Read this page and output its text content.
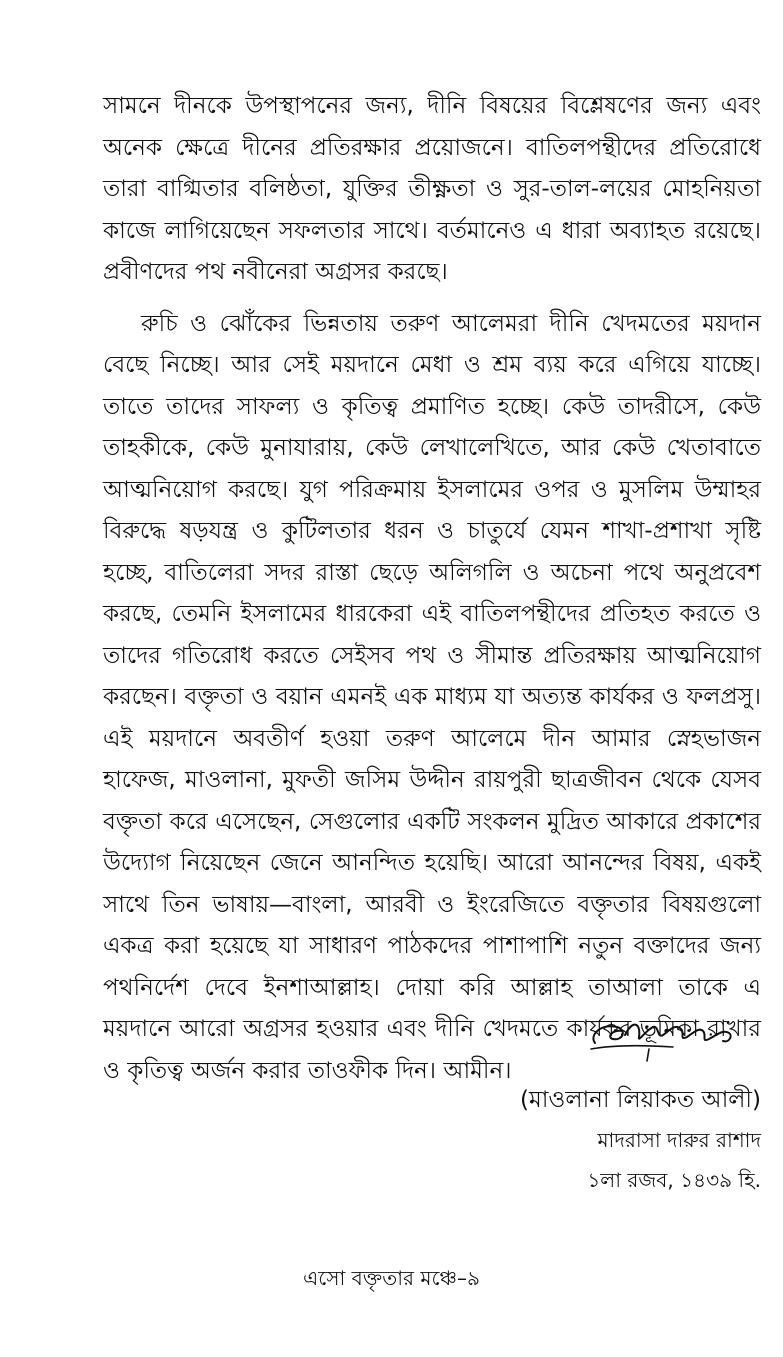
সামনে দীনকে উপস্থাপনের জন্য, দীনি বিষয়ের বিশ্লেষণের জন্য এবং অনেক ক্ষেত্রে দীনের প্রতিরক্ষার প্রয়োজনে। বাতিলপন্থীদের প্রতিরোধে তারা বাগ্মিতার বলিষ্ঠতা, যুক্তির তীক্ষ্ণতা ও সুর-তাল-লয়ের মোহনিয়তা কাজে লাগিয়েছেন সফলতার সাথে। বর্তমানেও এ ধারা অব্যাহত রয়েছে। প্রবীণদের পথ নবীনেরা অগ্রসর করছে।

রুচি ও ঝোঁকের ভিন্নতায় তরুণ আলেমরা দীনি খেদমতের ময়দান বেছে নিচ্ছে। আর সেই ময়দানে মেধা ও শ্রম ব্যয় করে এগিয়ে যাচ্ছে। তাতে তাদের সাফল্য ও কৃতিত্ব প্রমাণিত হচ্ছে। কেউ তাদরীসে, কেউ তাহকীকে, কেউ মুনাযারায়, কেউ লেখালেখিতে, আর কেউ খেতাবাতে আত্মনিয়োগ করছে। যুগ পরিক্রমায় ইসলামের ওপর ও মুসলিম উম্মাহর বিরুদ্ধে ষড়যন্ত্র ও কুটিলতার ধরন ও চাতুর্যে যেমন শাখা-প্রশাখা সৃষ্টি হচ্ছে, বাতিলেরা সদর রাস্তা ছেড়ে অলিগলি ও অচেনা পথে অনুপ্রবেশ করছে, তেমনি ইসলামের ধারকেরা এই বাতিলপন্থীদের প্রতিহত করতে ও তাদের গতিরোধ করতে সেইসব পথ ও সীমান্ত প্রতিরক্ষায় আত্মনিয়োগ করছেন। বক্তৃতা ও বয়ান এমনই এক মাধ্যম যা অত্যন্ত কার্যকর ও ফলপ্রসু। এই ময়দানে অবতীর্ণ হওয়া তরুণ আলেমে দীন আমার স্নেহভাজন হাফেজ, মাওলানা, মুফতী জসিম উদ্দীন রায়পুরী ছাত্রজীবন থেকে যেসব বক্তৃতা করে এসেছেন, সেগুলোর একটি সংকলন মুদ্রিত আকারে প্রকাশের উদ্যোগ নিয়েছেন জেনে আনন্দিত হয়েছি। আরো আনন্দের বিষয়, একই সাথে তিন ভাষায়—বাংলা, আরবী ও ইংরেজিতে বক্তৃতার বিষয়গুলো একত্র করা হয়েছে যা সাধারণ পাঠকদের পাশাপাশি নতুন বক্তাদের জন্য পথনির্দেশ দেবে ইনশাআল্লাহ। দোয়া করি আল্লাহ তাআলা তাকে এ ময়দানে আরো অগ্রসর হওয়ার এবং দীনি খেদমতে কার্যকর ভূমিকা রাখার ও কৃতিত্ব অর্জন করার তাওফীক দিন। আমীন।

(মাওলানা লিয়াকত আলী)
মাদরাসা দারুর রাশাদ
১লা রজব, ১৪৩৯ হি.
এসো বক্তৃতার মঞ্চে–৯
